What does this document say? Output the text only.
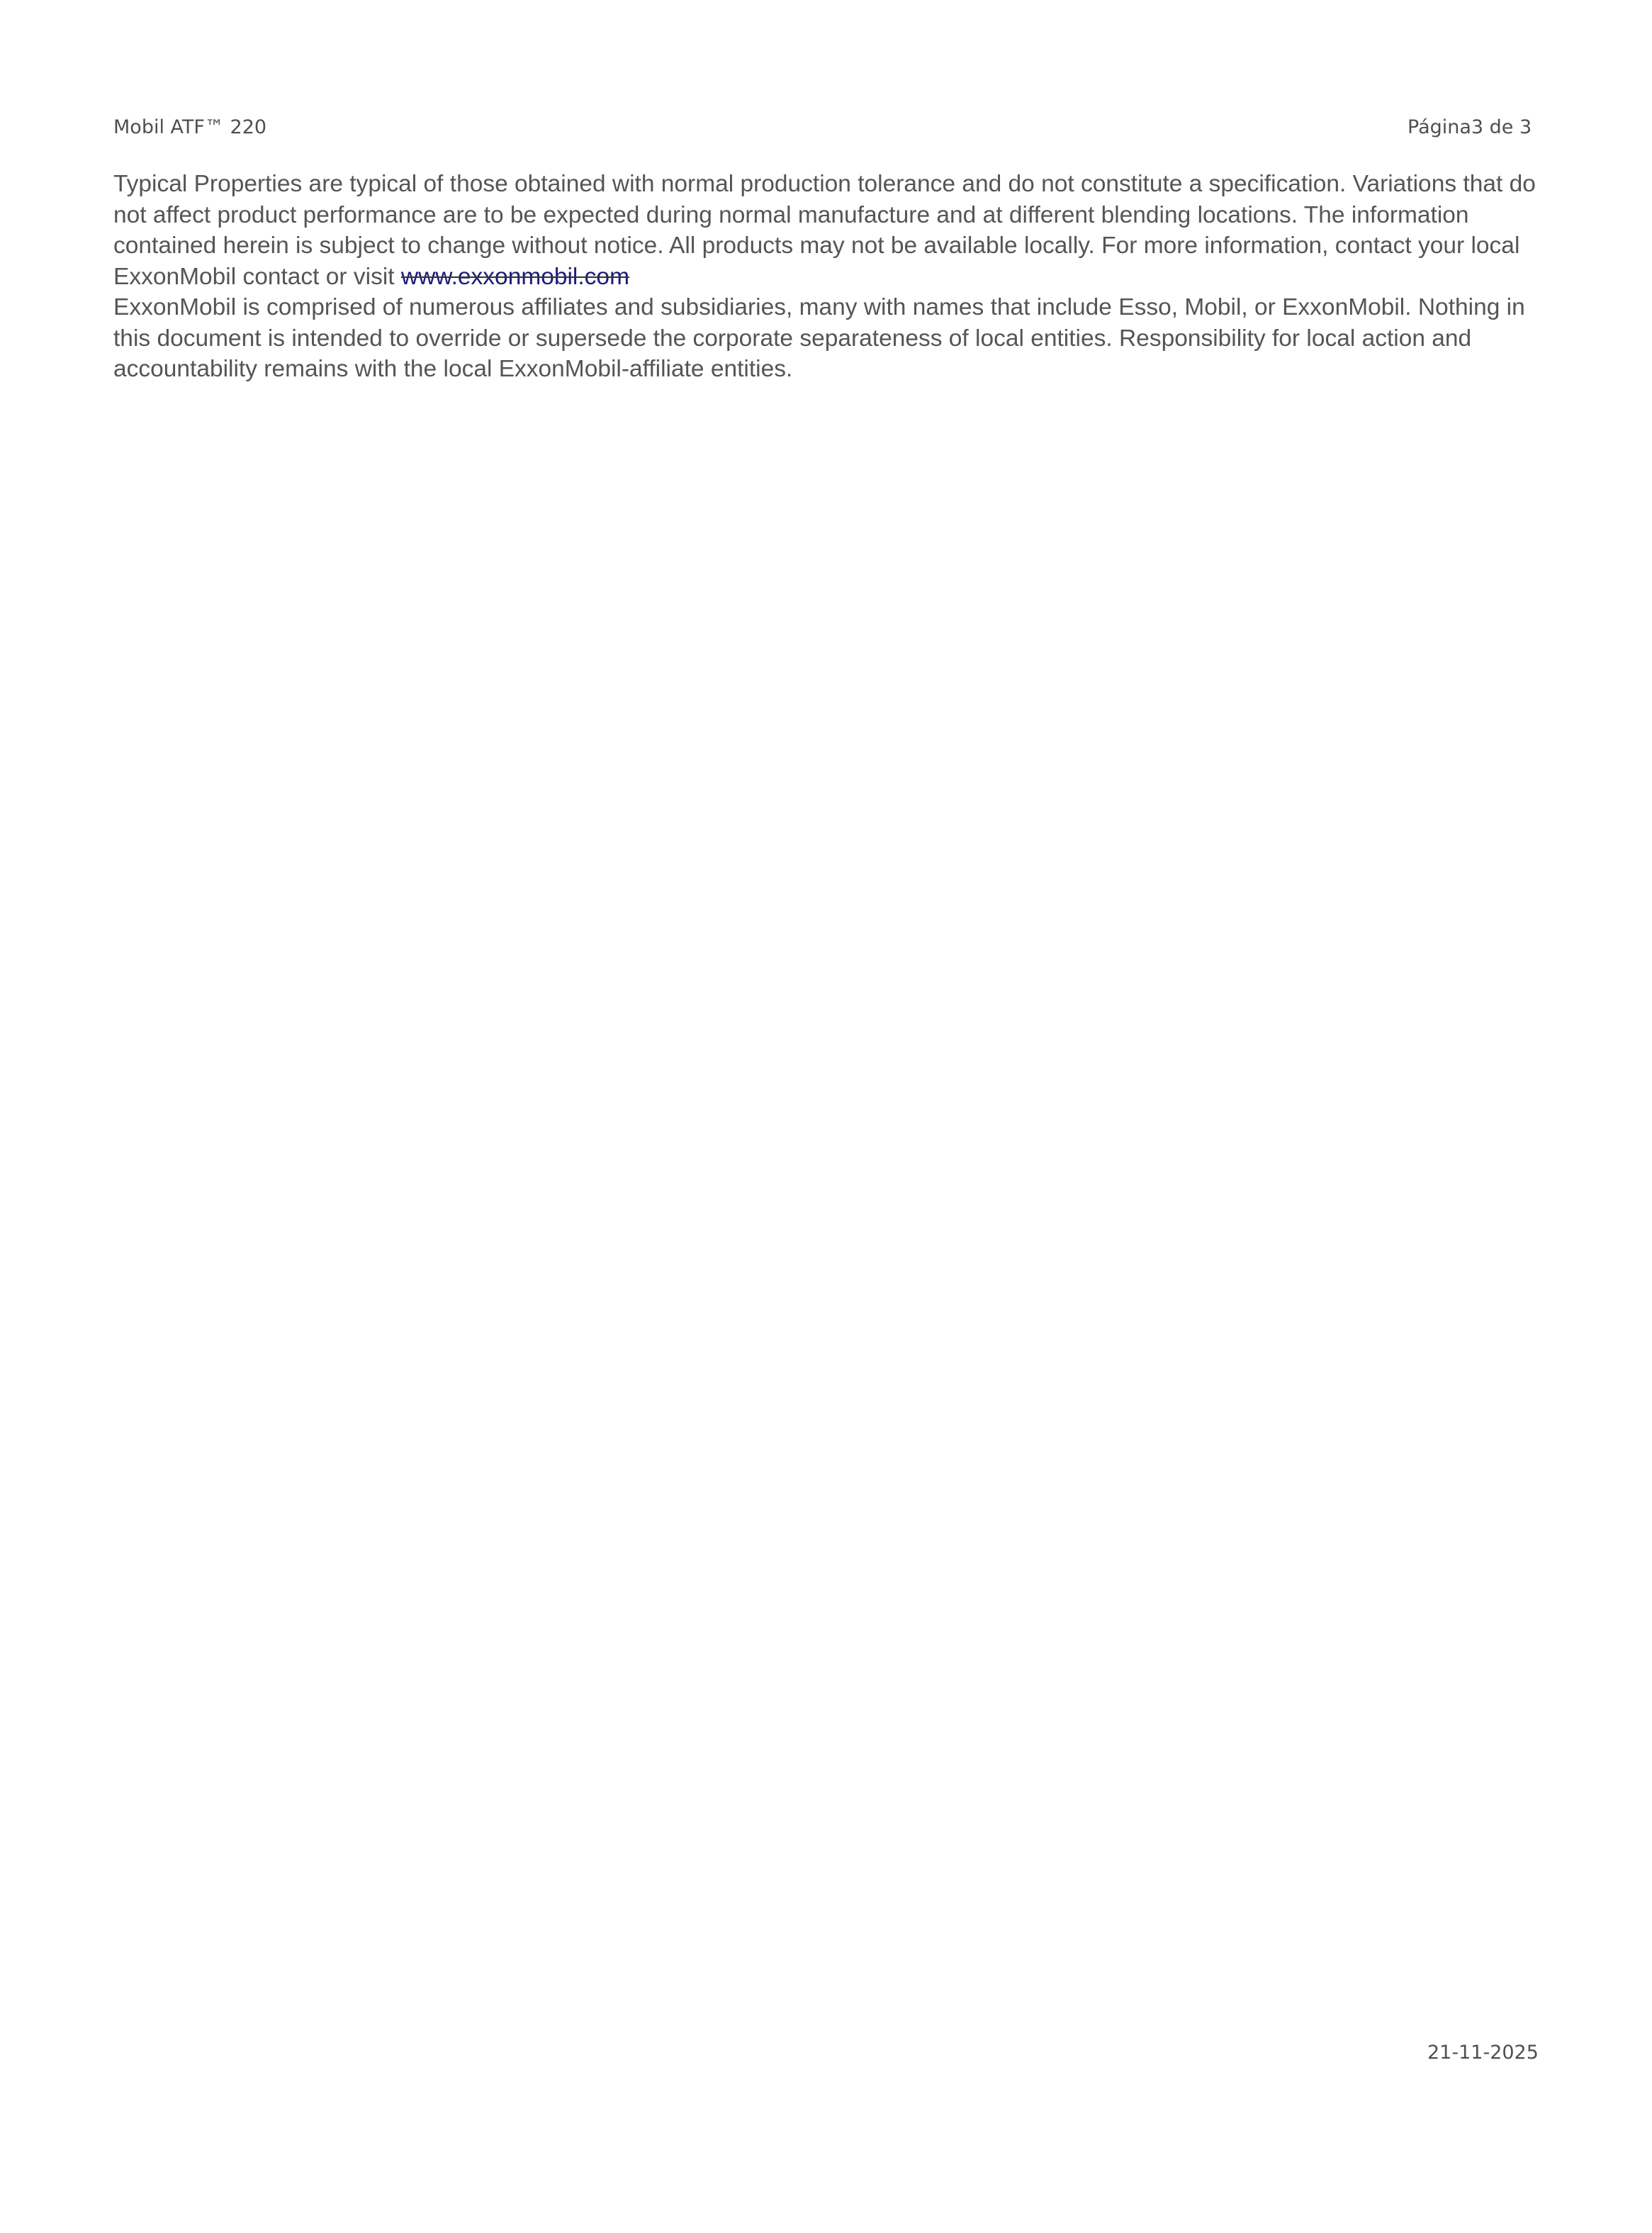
Mobil ATF™ 220	Página3 de 3

Typical Properties are typical of those obtained with normal production tolerance and do not constitute a specification. Variations that do not affect product performance are to be expected during normal manufacture and at different blending locations. The information contained herein is subject to change without notice. All products may not be available locally. For more information, contact your local ExxonMobil contact or visit www.exxonmobil.com

ExxonMobil is comprised of numerous affiliates and subsidiaries, many with names that include Esso, Mobil, or ExxonMobil. Nothing in this document is intended to override or supersede the corporate separateness of local entities. Responsibility for local action and accountability remains with the local ExxonMobil-affiliate entities.

21-11-2025
